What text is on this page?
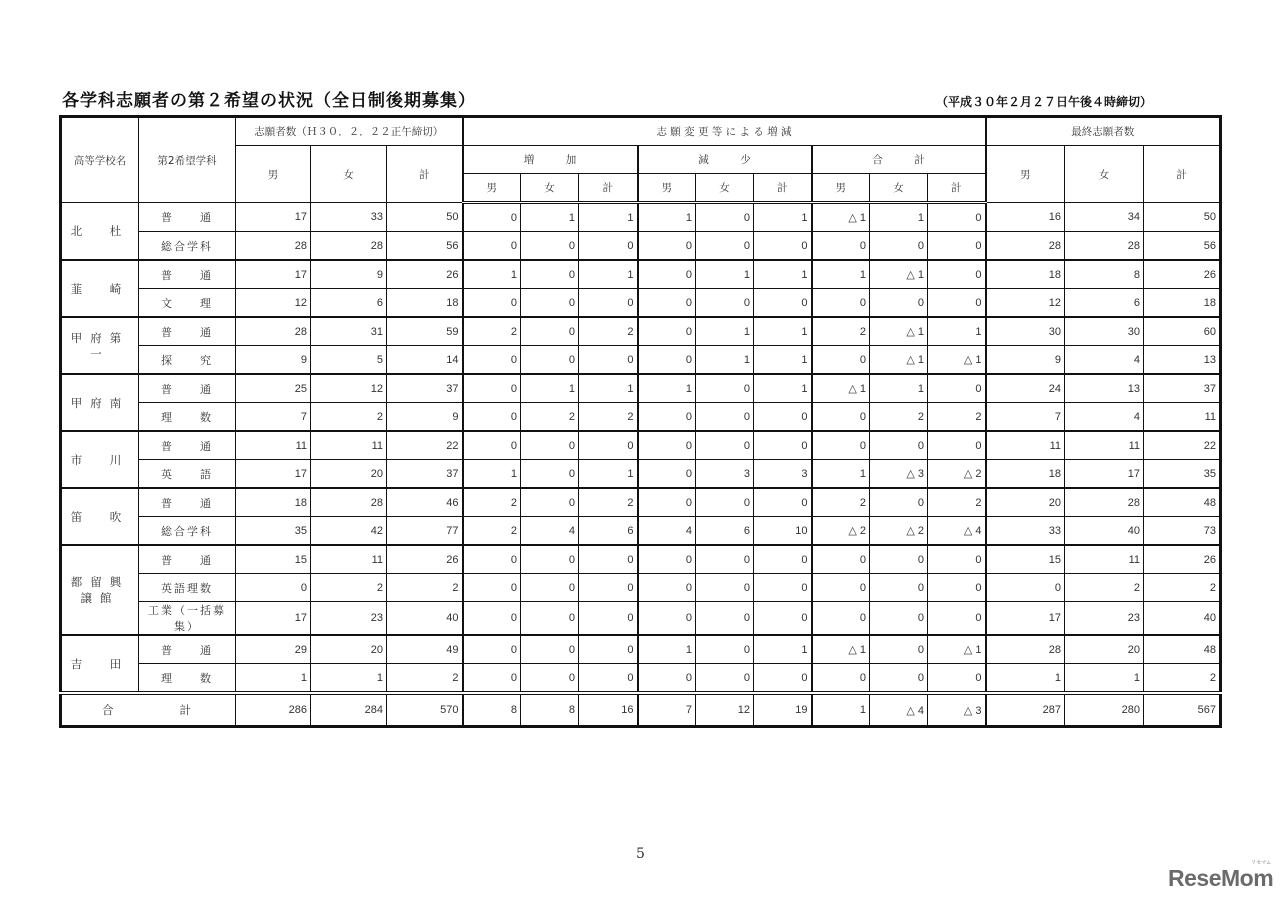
各学科志願者の第２希望の状況（全日制後期募集）	（平成３０年２月２７日午後４時締切）
高等学校名	第2希望学科	志願者数（Ｈ３０．２．２２正午締切）			志 願 変 更 等 に よ る 増 減									最終志願者数		
		男	女	計	増　　　加			減　　　少			合　　　計			男	女	計
					男	女	計	男	女	計	男	女	計			
北　杜	普　　通	17	33	50	0	1	1	1	0	1	△ 1	1	0	16	34	50
	総合学科	28	28	56	0	0	0	0	0	0	0	0	0	28	28	56
韮　崎	普　　通	17	9	26	1	0	1	0	1	1	1	△ 1	0	18	8	26
	文　　理	12	6	18	0	0	0	0	0	0	0	0	0	12	6	18
甲府第一	普　　通	28	31	59	2	0	2	0	1	1	2	△ 1	1	30	30	60
	探　　究	9	5	14	0	0	0	0	1	1	0	△ 1	△ 1	9	4	13
甲府南	普　　通	25	12	37	0	1	1	1	0	1	△ 1	1	0	24	13	37
	理　　数	7	2	9	0	2	2	0	0	0	0	2	2	7	4	11
市　川	普　　通	11	11	22	0	0	0	0	0	0	0	0	0	11	11	22
	英　　語	17	20	37	1	0	1	0	3	3	1	△ 3	△ 2	18	17	35
笛　吹	普　　通	18	28	46	2	0	2	0	0	0	2	0	2	20	28	48
	総合学科	35	42	77	2	4	6	4	6	10	△ 2	△ 2	△ 4	33	40	73
都留興譲館	普　　通	15	11	26	0	0	0	0	0	0	0	0	0	15	11	26
	英語理数	0	2	2	0	0	0	0	0	0	0	0	0	0	2	2
	工業（一括募集）	17	23	40	0	0	0	0	0	0	0	0	0	17	23	40
吉　田	普　　通	29	20	49	0	0	0	1	0	1	△ 1	0	△ 1	28	20	48
	理　　数	1	1	2	0	0	0	0	0	0	0	0	0	1	1	2
合　　　　計		286	284	570	8	8	16	7	12	19	1	△ 4	△ 3	287	280	567
5
ReseMom
リセマム
